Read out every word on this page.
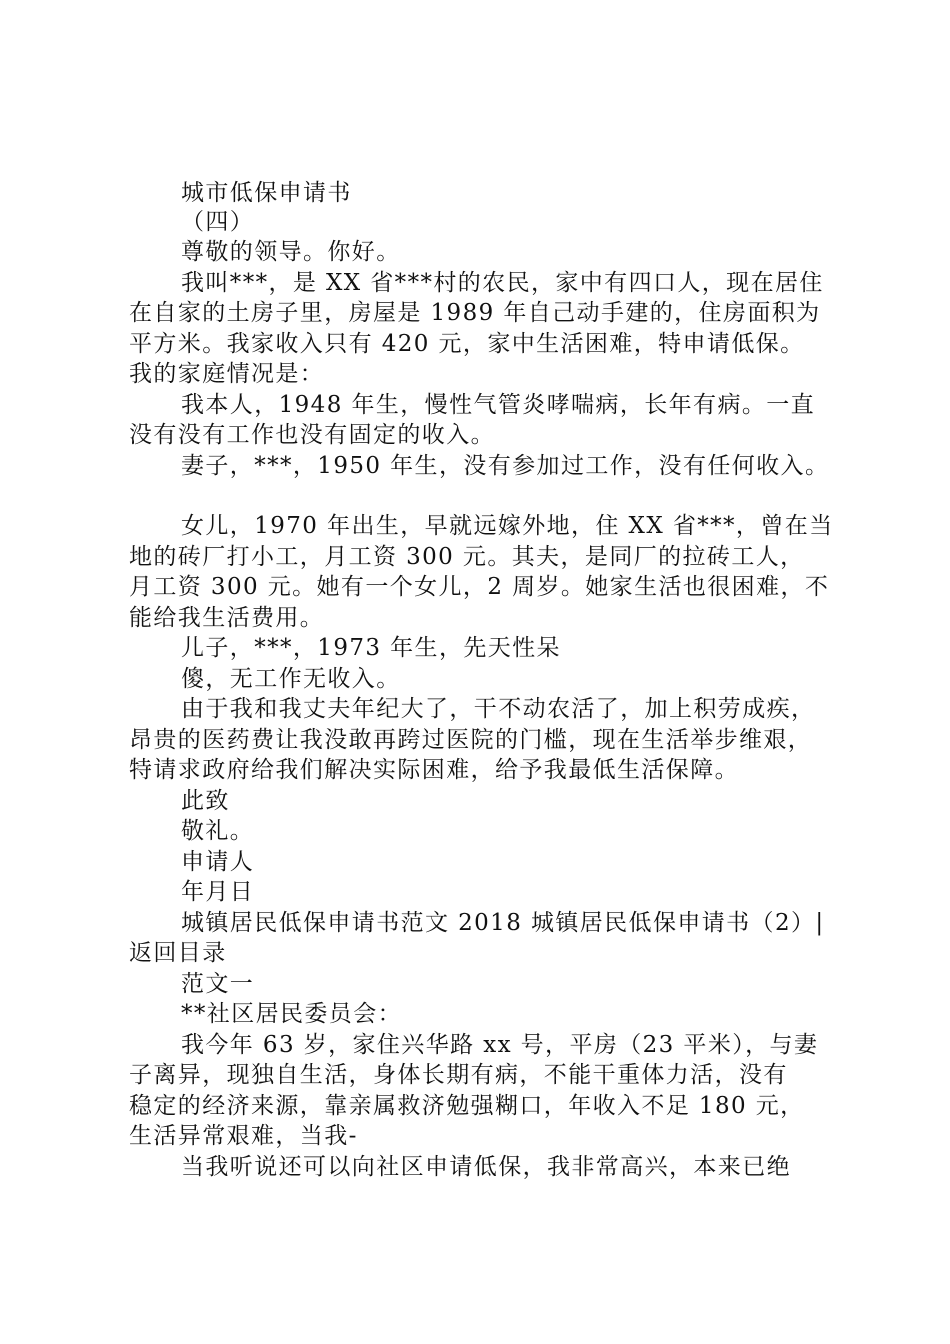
城市低保申请书
（四）
尊敬的领导。你好。
我叫***，是 XX 省***村的农民，家中有四口人，现在居住
在自家的土房子里，房屋是 1989 年自己动手建的，住房面积为
平方米。我家收入只有 420 元，家中生活困难，特申请低保。
我的家庭情况是：
我本人，1948 年生，慢性气管炎哮喘病，长年有病。一直
没有没有工作也没有固定的收入。
妻子，***，1950 年生，没有参加过工作，没有任何收入。
女儿，1970 年出生，早就远嫁外地，住 XX 省***，曾在当
地的砖厂打小工，月工资 300 元。其夫，是同厂的拉砖工人，
月工资 300 元。她有一个女儿，2 周岁。她家生活也很困难，不
能给我生活费用。
儿子，***，1973 年生，先天性呆
傻，无工作无收入。
由于我和我丈夫年纪大了，干不动农活了，加上积劳成疾，
昂贵的医药费让我没敢再跨过医院的门槛，现在生活举步维艰，
特请求政府给我们解决实际困难，给予我最低生活保障。
此致
敬礼。
申请人
年月日
城镇居民低保申请书范文 2018 城镇居民低保申请书（2）|
返回目录
范文一
**社区居民委员会：
我今年 63 岁，家住兴华路 xx 号，平房（23 平米），与妻
子离异，现独自生活，身体长期有病，不能干重体力活，没有
稳定的经济来源，靠亲属救济勉强糊口，年收入不足 180 元，
生活异常艰难，当我-
当我听说还可以向社区申请低保，我非常高兴，本来已绝
